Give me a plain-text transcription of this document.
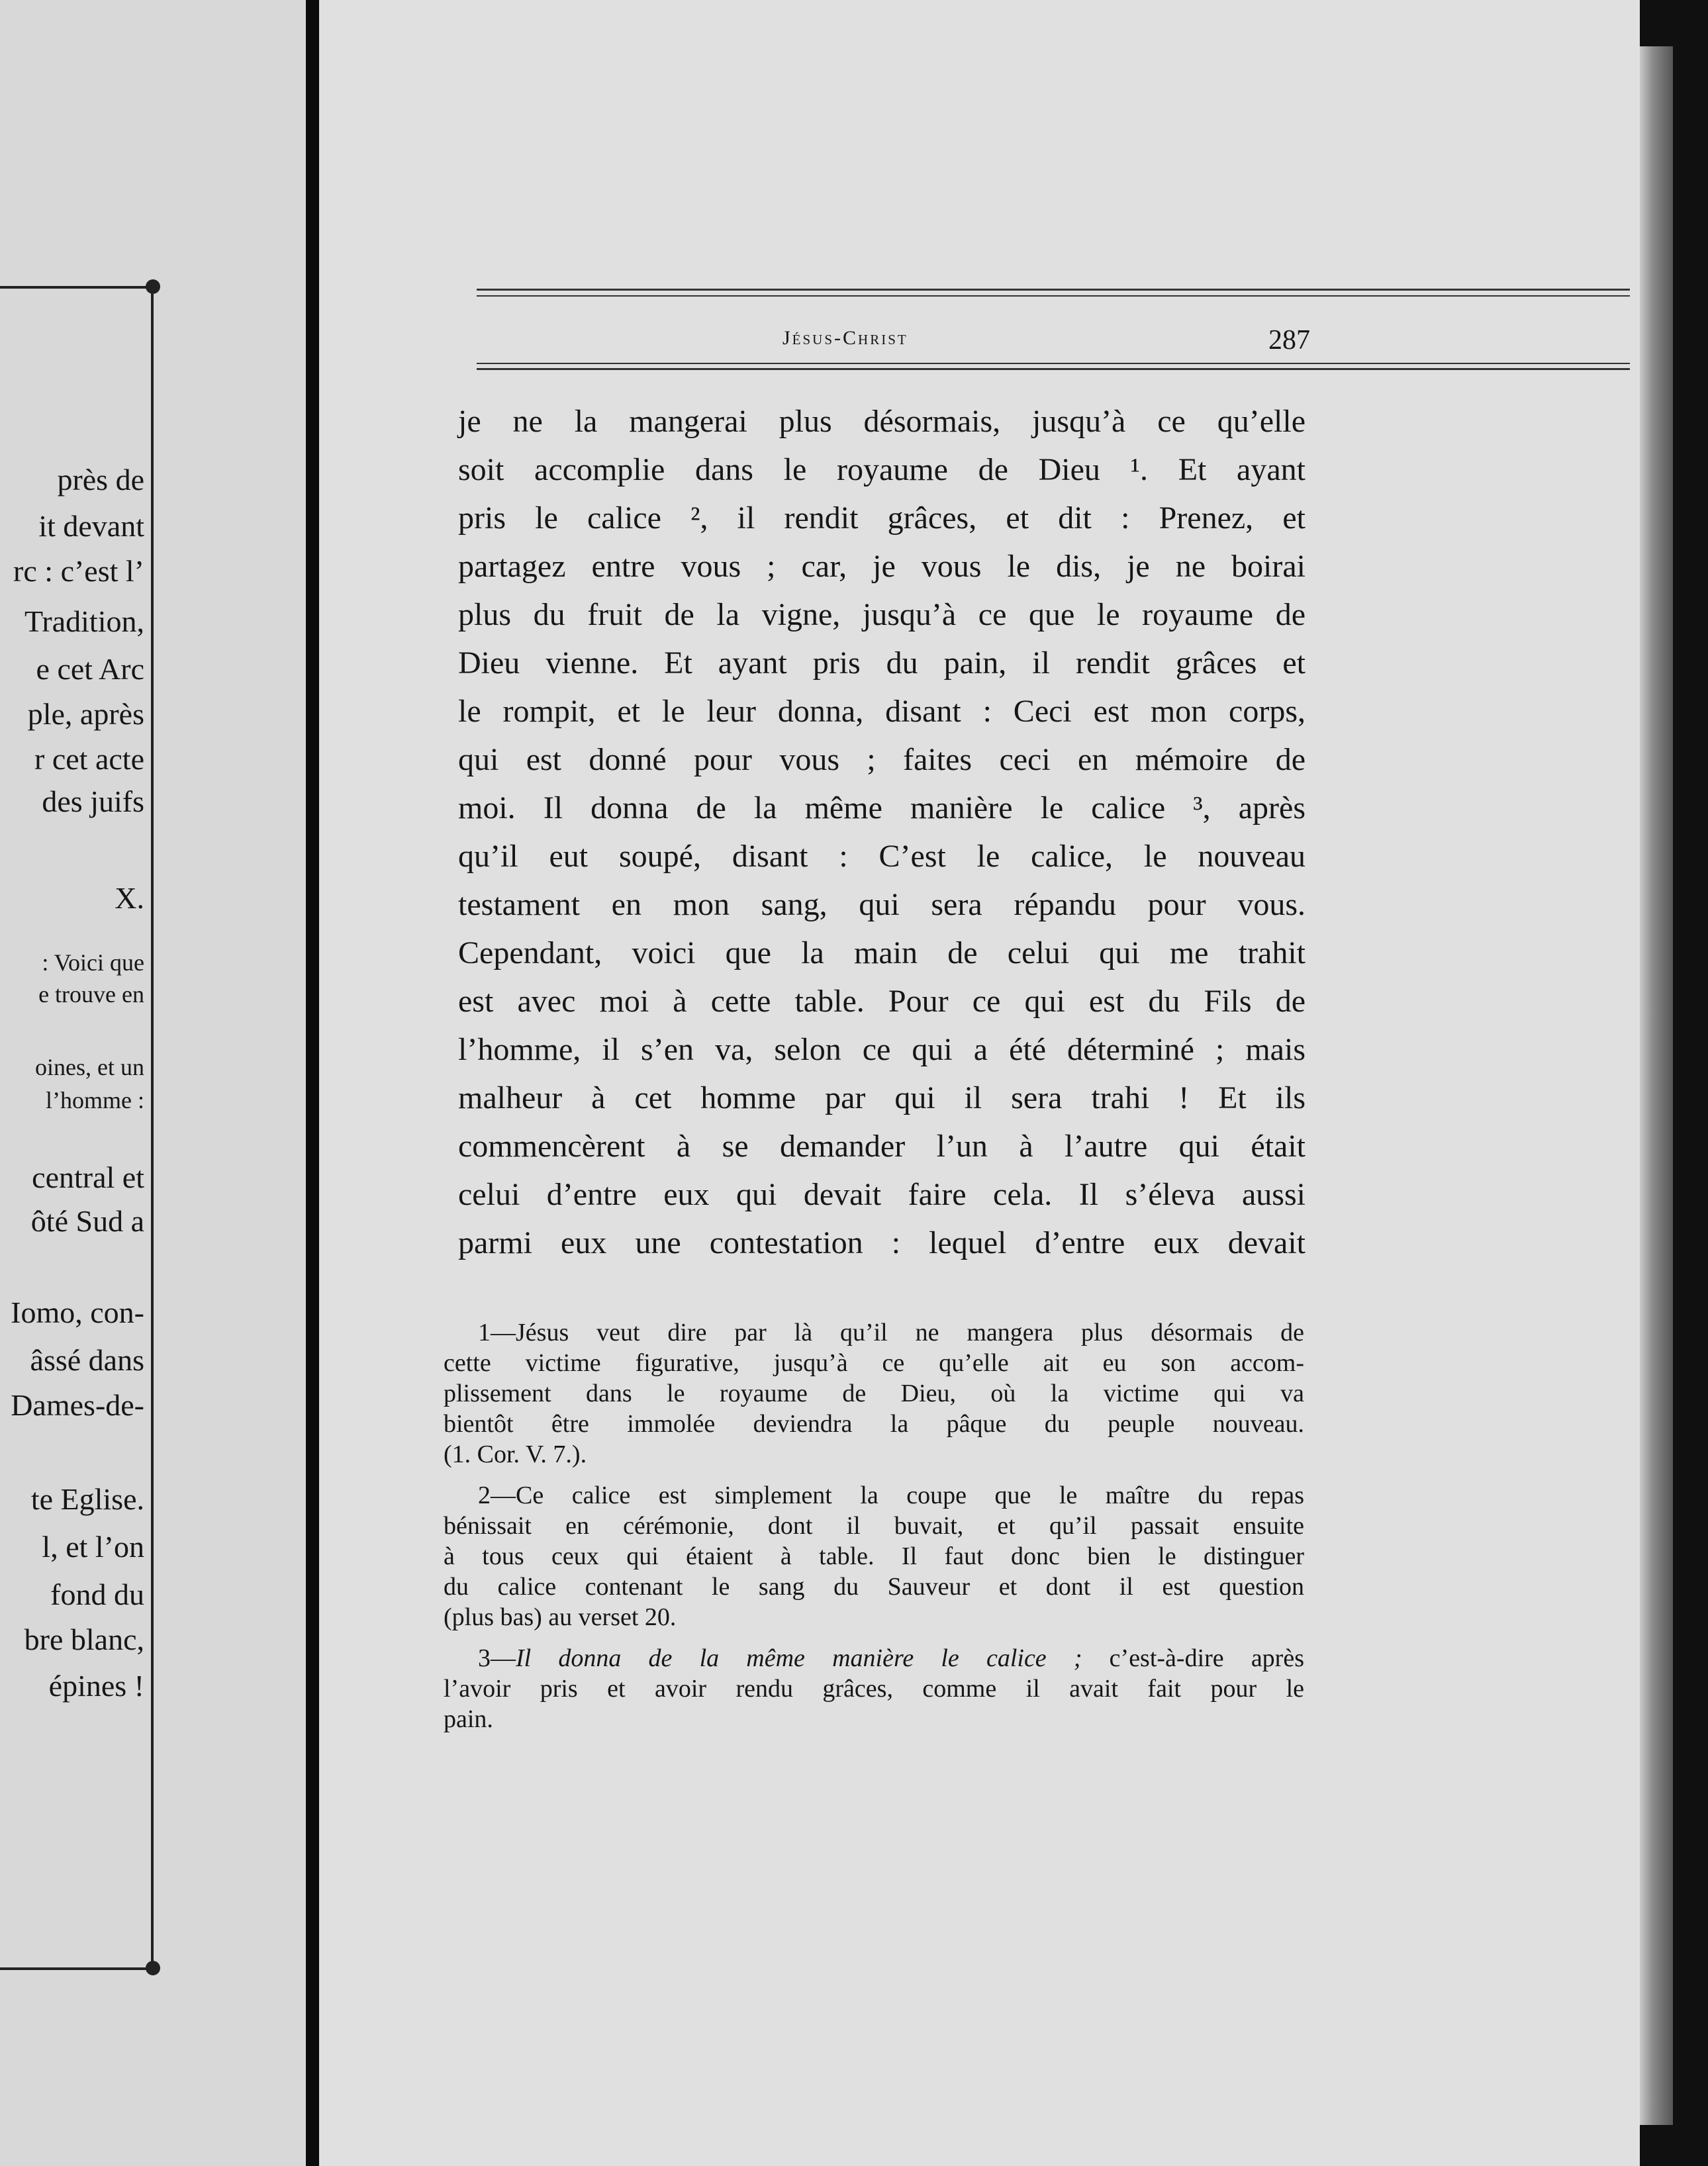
près de
it devant
rc : c’est l’
Tradition,
e cet Arc
ple, après
r cet acte
des juifs
X.
: Voici que
e trouve en
oines, et un
l’homme :
central et
ôté Sud a
Iomo, con-
âssé dans
Dames-de-
te Eglise.
l, et l’on
fond du
bre blanc,
épines !
Jésus-Christ	287
je ne la mangerai plus désormais, jusqu’à ce qu’elle
soit accomplie dans le royaume de Dieu ¹. Et ayant
pris le calice ², il rendit grâces, et dit : Prenez, et
partagez entre vous ; car, je vous le dis, je ne boirai
plus du fruit de la vigne, jusqu’à ce que le royaume de
Dieu vienne. Et ayant pris du pain, il rendit grâces et
le rompit, et le leur donna, disant : Ceci est mon corps,
qui est donné pour vous ; faites ceci en mémoire de
moi. Il donna de la même manière le calice ³, après
qu’il eut soupé, disant : C’est le calice, le nouveau
testament en mon sang, qui sera répandu pour vous.
Cependant, voici que la main de celui qui me trahit
est avec moi à cette table. Pour ce qui est du Fils de
l’homme, il s’en va, selon ce qui a été déterminé ; mais
malheur à cet homme par qui il sera trahi ! Et ils
commencèrent à se demander l’un à l’autre qui était
celui d’entre eux qui devait faire cela. Il s’éleva aussi
parmi eux une contestation : lequel d’entre eux devait
1—Jésus veut dire par là qu’il ne mangera plus désormais de
cette victime figurative, jusqu’à ce qu’elle ait eu son accom-
plissement dans le royaume de Dieu, où la victime qui va
bientôt être immolée deviendra la pâque du peuple nouveau.
(1. Cor. V. 7.).
2—Ce calice est simplement la coupe que le maître du repas
bénissait en cérémonie, dont il buvait, et qu’il passait ensuite
à tous ceux qui étaient à table. Il faut donc bien le distinguer
du calice contenant le sang du Sauveur et dont il est question
(plus bas) au verset 20.
3—Il donna de la même manière le calice ; c’est-à-dire après
l’avoir pris et avoir rendu grâces, comme il avait fait pour le
pain.
